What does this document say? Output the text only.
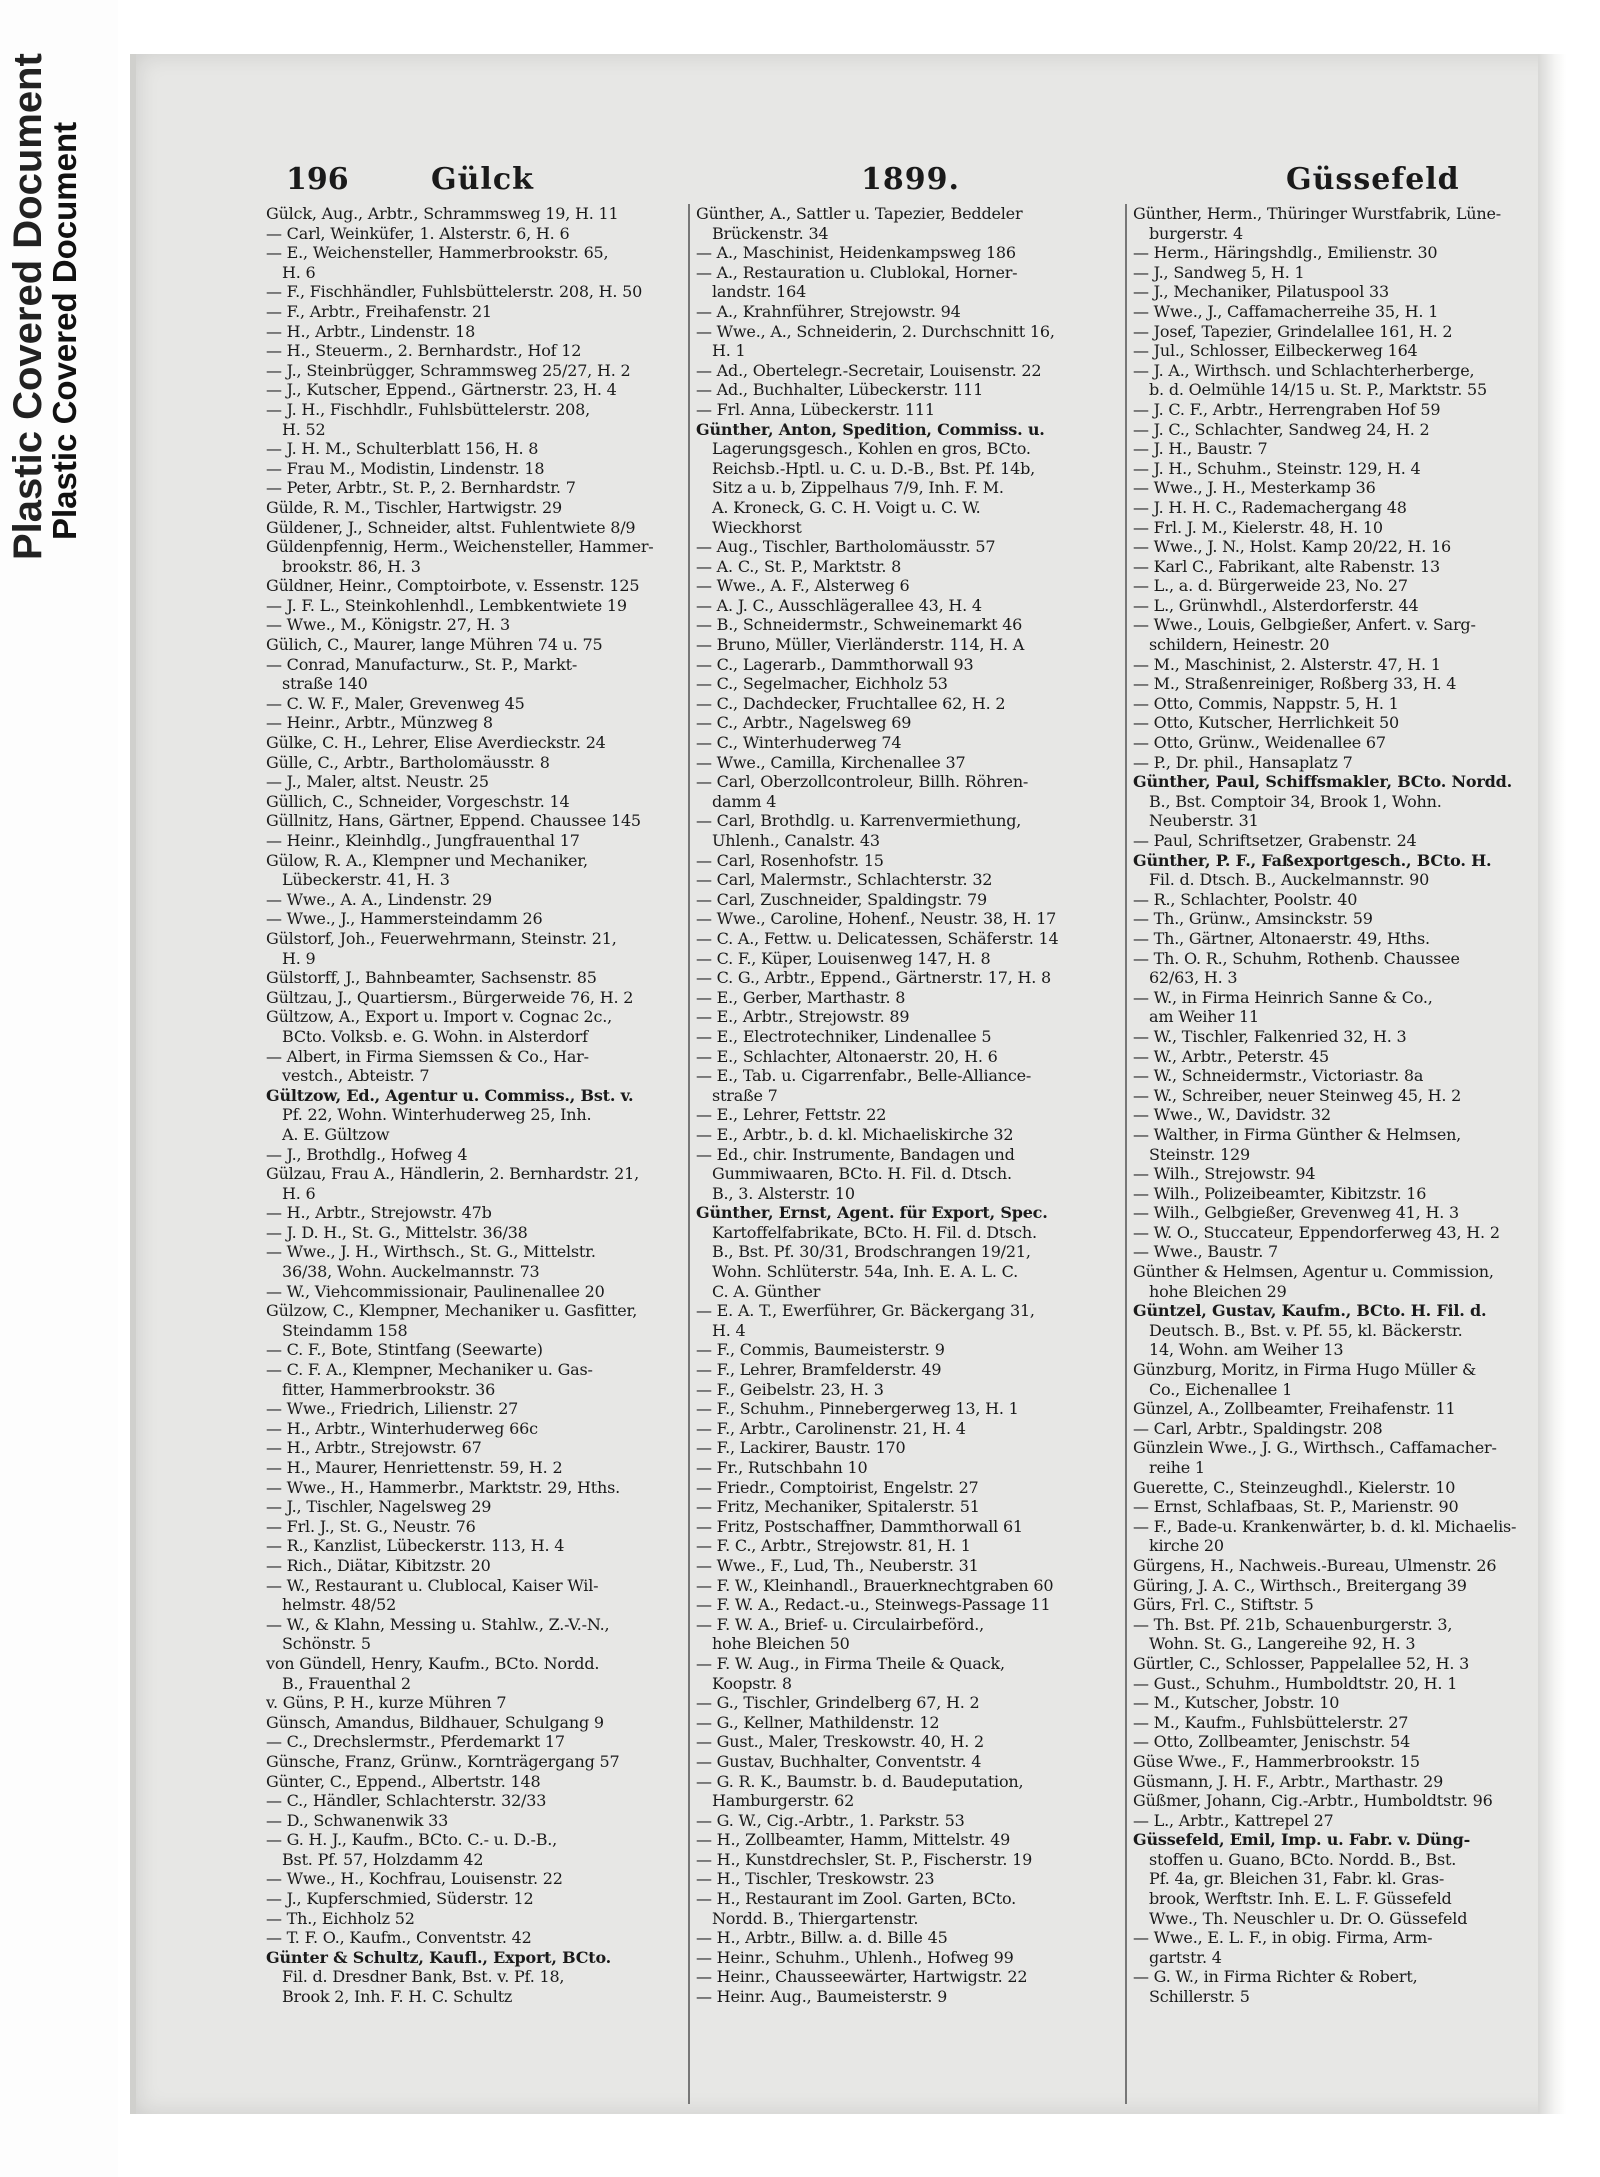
Plastic Covered Document
Plastic Covered Document	196	Gülck	1899.	Güssefeld
Gülck, Aug., Arbtr., Schrammsweg 19, H. 11
— Carl, Weinküfer, 1. Alsterstr. 6, H. 6
— E., Weichensteller, Hammerbrookstr. 65,
H. 6
— F., Fischhändler, Fuhlsbüttelerstr. 208, H. 50
— F., Arbtr., Freihafenstr. 21
— H., Arbtr., Lindenstr. 18
— H., Steuerm., 2. Bernhardstr., Hof 12
— J., Steinbrügger, Schrammsweg 25/27, H. 2
— J., Kutscher, Eppend., Gärtnerstr. 23, H. 4
— J. H., Fischhdlr., Fuhlsbüttelerstr. 208,
H. 52
— J. H. M., Schulterblatt 156, H. 8
— Frau M., Modistin, Lindenstr. 18
— Peter, Arbtr., St. P., 2. Bernhardstr. 7
Gülde, R. M., Tischler, Hartwigstr. 29
Güldener, J., Schneider, altst. Fuhlentwiete 8/9
Güldenpfennig, Herm., Weichensteller, Hammer-
brookstr. 86, H. 3
Güldner, Heinr., Comptoirbote, v. Essenstr. 125
— J. F. L., Steinkohlenhdl., Lembkentwiete 19
— Wwe., M., Königstr. 27, H. 3
Gülich, C., Maurer, lange Mühren 74 u. 75
— Conrad, Manufacturw., St. P., Markt-
straße 140
— C. W. F., Maler, Grevenweg 45
— Heinr., Arbtr., Münzweg 8
Gülke, C. H., Lehrer, Elise Averdieckstr. 24
Gülle, C., Arbtr., Bartholomäusstr. 8
— J., Maler, altst. Neustr. 25
Güllich, C., Schneider, Vorgeschstr. 14
Güllnitz, Hans, Gärtner, Eppend. Chaussee 145
— Heinr., Kleinhdlg., Jungfrauenthal 17
Gülow, R. A., Klempner und Mechaniker,
Lübeckerstr. 41, H. 3
— Wwe., A. A., Lindenstr. 29
— Wwe., J., Hammersteindamm 26
Gülstorf, Joh., Feuerwehrmann, Steinstr. 21,
H. 9
Gülstorff, J., Bahnbeamter, Sachsenstr. 85
Gültzau, J., Quartiersm., Bürgerweide 76, H. 2
Gültzow, A., Export u. Import v. Cognac 2c.,
BCto. Volksb. e. G. Wohn. in Alsterdorf
— Albert, in Firma Siemssen & Co., Har-
vestch., Abteistr. 7
Gültzow, Ed., Agentur u. Commiss., Bst. v.
Pf. 22, Wohn. Winterhuderweg 25, Inh.
A. E. Gültzow
— J., Brothdlg., Hofweg 4
Gülzau, Frau A., Händlerin, 2. Bernhardstr. 21,
H. 6
— H., Arbtr., Strejowstr. 47b
— J. D. H., St. G., Mittelstr. 36/38
— Wwe., J. H., Wirthsch., St. G., Mittelstr.
36/38, Wohn. Auckelmannstr. 73
— W., Viehcommissionair, Paulinenallee 20
Gülzow, C., Klempner, Mechaniker u. Gasfitter,
Steindamm 158
— C. F., Bote, Stintfang (Seewarte)
— C. F. A., Klempner, Mechaniker u. Gas-
fitter, Hammerbrookstr. 36
— Wwe., Friedrich, Lilienstr. 27
— H., Arbtr., Winterhuderweg 66c
— H., Arbtr., Strejowstr. 67
— H., Maurer, Henriettenstr. 59, H. 2
— Wwe., H., Hammerbr., Marktstr. 29, Hths.
— J., Tischler, Nagelsweg 29
— Frl. J., St. G., Neustr. 76
— R., Kanzlist, Lübeckerstr. 113, H. 4
— Rich., Diätar, Kibitzstr. 20
— W., Restaurant u. Clublocal, Kaiser Wil-
helmstr. 48/52
— W., & Klahn, Messing u. Stahlw., Z.-V.-N.,
Schönstr. 5
von Gündell, Henry, Kaufm., BCto. Nordd.
B., Frauenthal 2
v. Güns, P. H., kurze Mühren 7
Günsch, Amandus, Bildhauer, Schulgang 9
— C., Drechslermstr., Pferdemarkt 17
Günsche, Franz, Grünw., Kornträgergang 57
Günter, C., Eppend., Albertstr. 148
— C., Händler, Schlachterstr. 32/33
— D., Schwanenwik 33
— G. H. J., Kaufm., BCto. C.- u. D.-B.,
Bst. Pf. 57, Holzdamm 42
— Wwe., H., Kochfrau, Louisenstr. 22
— J., Kupferschmied, Süderstr. 12
— Th., Eichholz 52
— T. F. O., Kaufm., Conventstr. 42
Günter & Schultz, Kaufl., Export, BCto.
Fil. d. Dresdner Bank, Bst. v. Pf. 18,
Brook 2, Inh. F. H. C. Schultz
Günther, A., Sattler u. Tapezier, Beddeler
Brückenstr. 34
— A., Maschinist, Heidenkampsweg 186
— A., Restauration u. Clublokal, Horner-
landstr. 164
— A., Krahnführer, Strejowstr. 94
— Wwe., A., Schneiderin, 2. Durchschnitt 16,
H. 1
— Ad., Obertelegr.-Secretair, Louisenstr. 22
— Ad., Buchhalter, Lübeckerstr. 111
— Frl. Anna, Lübeckerstr. 111
Günther, Anton, Spedition, Commiss. u.
Lagerungsgesch., Kohlen en gros, BCto.
Reichsb.-Hptl. u. C. u. D.-B., Bst. Pf. 14b,
Sitz a u. b, Zippelhaus 7/9, Inh. F. M.
A. Kroneck, G. C. H. Voigt u. C. W.
Wieckhorst
— Aug., Tischler, Bartholomäusstr. 57
— A. C., St. P., Marktstr. 8
— Wwe., A. F., Alsterweg 6
— A. J. C., Ausschlägerallee 43, H. 4
— B., Schneidermstr., Schweinemarkt 46
— Bruno, Müller, Vierländerstr. 114, H. A
— C., Lagerarb., Dammthorwall 93
— C., Segelmacher, Eichholz 53
— C., Dachdecker, Fruchtallee 62, H. 2
— C., Arbtr., Nagelsweg 69
— C., Winterhuderweg 74
— Wwe., Camilla, Kirchenallee 37
— Carl, Oberzollcontroleur, Billh. Röhren-
damm 4
— Carl, Brothdlg. u. Karrenvermiethung,
Uhlenh., Canalstr. 43
— Carl, Rosenhofstr. 15
— Carl, Malermstr., Schlachterstr. 32
— Carl, Zuschneider, Spaldingstr. 79
— Wwe., Caroline, Hohenf., Neustr. 38, H. 17
— C. A., Fettw. u. Delicatessen, Schäferstr. 14
— C. F., Küper, Louisenweg 147, H. 8
— C. G., Arbtr., Eppend., Gärtnerstr. 17, H. 8
— E., Gerber, Marthastr. 8
— E., Arbtr., Strejowstr. 89
— E., Electrotechniker, Lindenallee 5
— E., Schlachter, Altonaerstr. 20, H. 6
— E., Tab. u. Cigarrenfabr., Belle-Alliance-
straße 7
— E., Lehrer, Fettstr. 22
— E., Arbtr., b. d. kl. Michaeliskirche 32
— Ed., chir. Instrumente, Bandagen und
Gummiwaaren, BCto. H. Fil. d. Dtsch.
B., 3. Alsterstr. 10
Günther, Ernst, Agent. für Export, Spec.
Kartoffelfabrikate, BCto. H. Fil. d. Dtsch.
B., Bst. Pf. 30/31, Brodschrangen 19/21,
Wohn. Schlüterstr. 54a, Inh. E. A. L. C.
C. A. Günther
— E. A. T., Ewerführer, Gr. Bäckergang 31,
H. 4
— F., Commis, Baumeisterstr. 9
— F., Lehrer, Bramfelderstr. 49
— F., Geibelstr. 23, H. 3
— F., Schuhm., Pinnebergerweg 13, H. 1
— F., Arbtr., Carolinenstr. 21, H. 4
— F., Lackirer, Baustr. 170
— Fr., Rutschbahn 10
— Friedr., Comptoirist, Engelstr. 27
— Fritz, Mechaniker, Spitalerstr. 51
— Fritz, Postschaffner, Dammthorwall 61
— F. C., Arbtr., Strejowstr. 81, H. 1
— Wwe., F., Lud, Th., Neuberstr. 31
— F. W., Kleinhandl., Brauerknechtgraben 60
— F. W. A., Redact.-u., Steinwegs-Passage 11
— F. W. A., Brief- u. Circulairbeförd.,
hohe Bleichen 50
— F. W. Aug., in Firma Theile & Quack,
Koopstr. 8
— G., Tischler, Grindelberg 67, H. 2
— G., Kellner, Mathildenstr. 12
— Gust., Maler, Treskowstr. 40, H. 2
— Gustav, Buchhalter, Conventstr. 4
— G. R. K., Baumstr. b. d. Baudeputation,
Hamburgerstr. 62
— G. W., Cig.-Arbtr., 1. Parkstr. 53
— H., Zollbeamter, Hamm, Mittelstr. 49
— H., Kunstdrechsler, St. P., Fischerstr. 19
— H., Tischler, Treskowstr. 23
— H., Restaurant im Zool. Garten, BCto.
Nordd. B., Thiergartenstr.
— H., Arbtr., Billw. a. d. Bille 45
— Heinr., Schuhm., Uhlenh., Hofweg 99
— Heinr., Chausseewärter, Hartwigstr. 22
— Heinr. Aug., Baumeisterstr. 9
Günther, Herm., Thüringer Wurstfabrik, Lüne-
burgerstr. 4
— Herm., Häringshdlg., Emilienstr. 30
— J., Sandweg 5, H. 1
— J., Mechaniker, Pilatuspool 33
— Wwe., J., Caffamacherreihe 35, H. 1
— Josef, Tapezier, Grindelallee 161, H. 2
— Jul., Schlosser, Eilbeckerweg 164
— J. A., Wirthsch. und Schlachterherberge,
b. d. Oelmühle 14/15 u. St. P., Marktstr. 55
— J. C. F., Arbtr., Herrengraben Hof 59
— J. C., Schlachter, Sandweg 24, H. 2
— J. H., Baustr. 7
— J. H., Schuhm., Steinstr. 129, H. 4
— Wwe., J. H., Mesterkamp 36
— J. H. H. C., Rademachergang 48
— Frl. J. M., Kielerstr. 48, H. 10
— Wwe., J. N., Holst. Kamp 20/22, H. 16
— Karl C., Fabrikant, alte Rabenstr. 13
— L., a. d. Bürgerweide 23, No. 27
— L., Grünwhdl., Alsterdorferstr. 44
— Wwe., Louis, Gelbgießer, Anfert. v. Sarg-
schildern, Heinestr. 20
— M., Maschinist, 2. Alsterstr. 47, H. 1
— M., Straßenreiniger, Roßberg 33, H. 4
— Otto, Commis, Nappstr. 5, H. 1
— Otto, Kutscher, Herrlichkeit 50
— Otto, Grünw., Weidenallee 67
— P., Dr. phil., Hansaplatz 7
Günther, Paul, Schiffsmakler, BCto. Nordd.
B., Bst. Comptoir 34, Brook 1, Wohn.
Neuberstr. 31
— Paul, Schriftsetzer, Grabenstr. 24
Günther, P. F., Faßexportgesch., BCto. H.
Fil. d. Dtsch. B., Auckelmannstr. 90
— R., Schlachter, Poolstr. 40
— Th., Grünw., Amsinckstr. 59
— Th., Gärtner, Altonaerstr. 49, Hths.
— Th. O. R., Schuhm, Rothenb. Chaussee
62/63, H. 3
— W., in Firma Heinrich Sanne & Co.,
am Weiher 11
— W., Tischler, Falkenried 32, H. 3
— W., Arbtr., Peterstr. 45
— W., Schneidermstr., Victoriastr. 8a
— W., Schreiber, neuer Steinweg 45, H. 2
— Wwe., W., Davidstr. 32
— Walther, in Firma Günther & Helmsen,
Steinstr. 129
— Wilh., Strejowstr. 94
— Wilh., Polizeibeamter, Kibitzstr. 16
— Wilh., Gelbgießer, Grevenweg 41, H. 3
— W. O., Stuccateur, Eppendorferweg 43, H. 2
— Wwe., Baustr. 7
Günther & Helmsen, Agentur u. Commission,
hohe Bleichen 29
Güntzel, Gustav, Kaufm., BCto. H. Fil. d.
Deutsch. B., Bst. v. Pf. 55, kl. Bäckerstr.
14, Wohn. am Weiher 13
Günzburg, Moritz, in Firma Hugo Müller &
Co., Eichenallee 1
Günzel, A., Zollbeamter, Freihafenstr. 11
— Carl, Arbtr., Spaldingstr. 208
Günzlein Wwe., J. G., Wirthsch., Caffamacher-
reihe 1
Guerette, C., Steinzeughdl., Kielerstr. 10
— Ernst, Schlafbaas, St. P., Marienstr. 90
— F., Bade-u. Krankenwärter, b. d. kl. Michaelis-
kirche 20
Gürgens, H., Nachweis.-Bureau, Ulmenstr. 26
Güring, J. A. C., Wirthsch., Breitergang 39
Gürs, Frl. C., Stiftstr. 5
— Th. Bst. Pf. 21b, Schauenburgerstr. 3,
Wohn. St. G., Langereihe 92, H. 3
Gürtler, C., Schlosser, Pappelallee 52, H. 3
— Gust., Schuhm., Humboldtstr. 20, H. 1
— M., Kutscher, Jobstr. 10
— M., Kaufm., Fuhlsbüttelerstr. 27
— Otto, Zollbeamter, Jenischstr. 54
Güse Wwe., F., Hammerbrookstr. 15
Güsmann, J. H. F., Arbtr., Marthastr. 29
Güßmer, Johann, Cig.-Arbtr., Humboldtstr. 96
— L., Arbtr., Kattrepel 27
Güssefeld, Emil, Imp. u. Fabr. v. Düng-
stoffen u. Guano, BCto. Nordd. B., Bst.
Pf. 4a, gr. Bleichen 31, Fabr. kl. Gras-
brook, Werftstr. Inh. E. L. F. Güssefeld
Wwe., Th. Neuschler u. Dr. O. Güssefeld
— Wwe., E. L. F., in obig. Firma, Arm-
gartstr. 4
— G. W., in Firma Richter & Robert,
Schillerstr. 5
